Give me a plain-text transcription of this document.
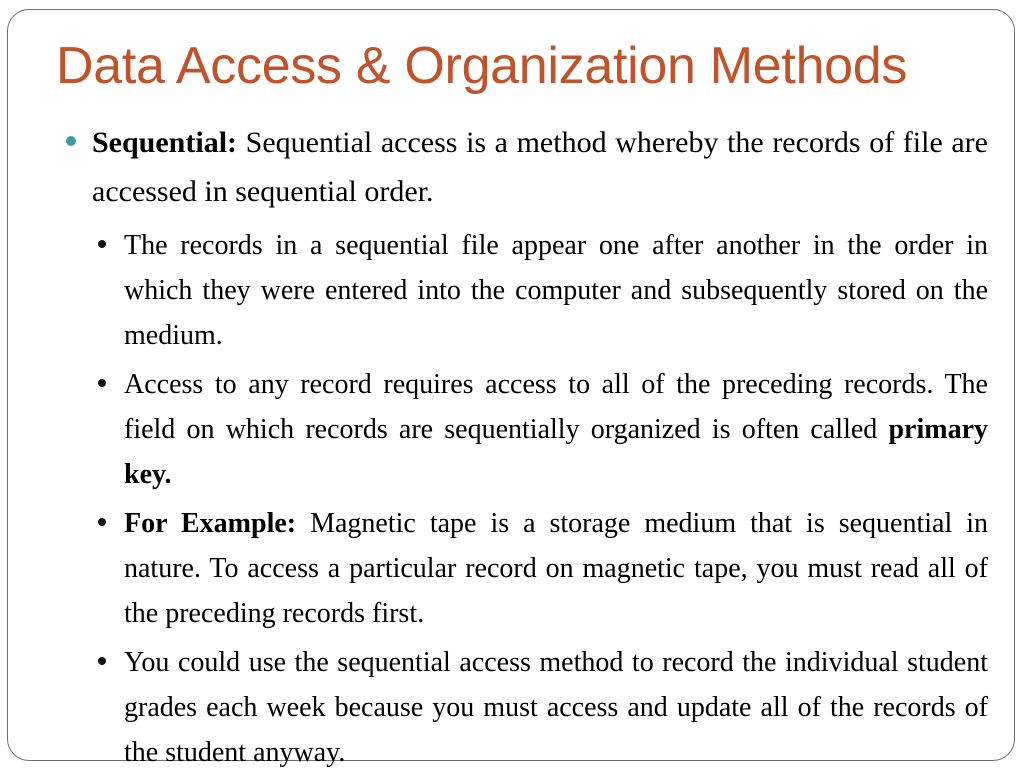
Data Access & Organization Methods
Sequential: Sequential access is a method whereby the records of file are accessed in sequential order.
The records in a sequential file appear one after another in the order in which they were entered into the computer and subsequently stored on the medium.
Access to any record requires access to all of the preceding records. The field on which records are sequentially organized is often called primary key.
For Example: Magnetic tape is a storage medium that is sequential in nature. To access a particular record on magnetic tape, you must read all of the preceding records first.
You could use the sequential access method to record the individual student grades each week because you must access and update all of the records of the student anyway.
